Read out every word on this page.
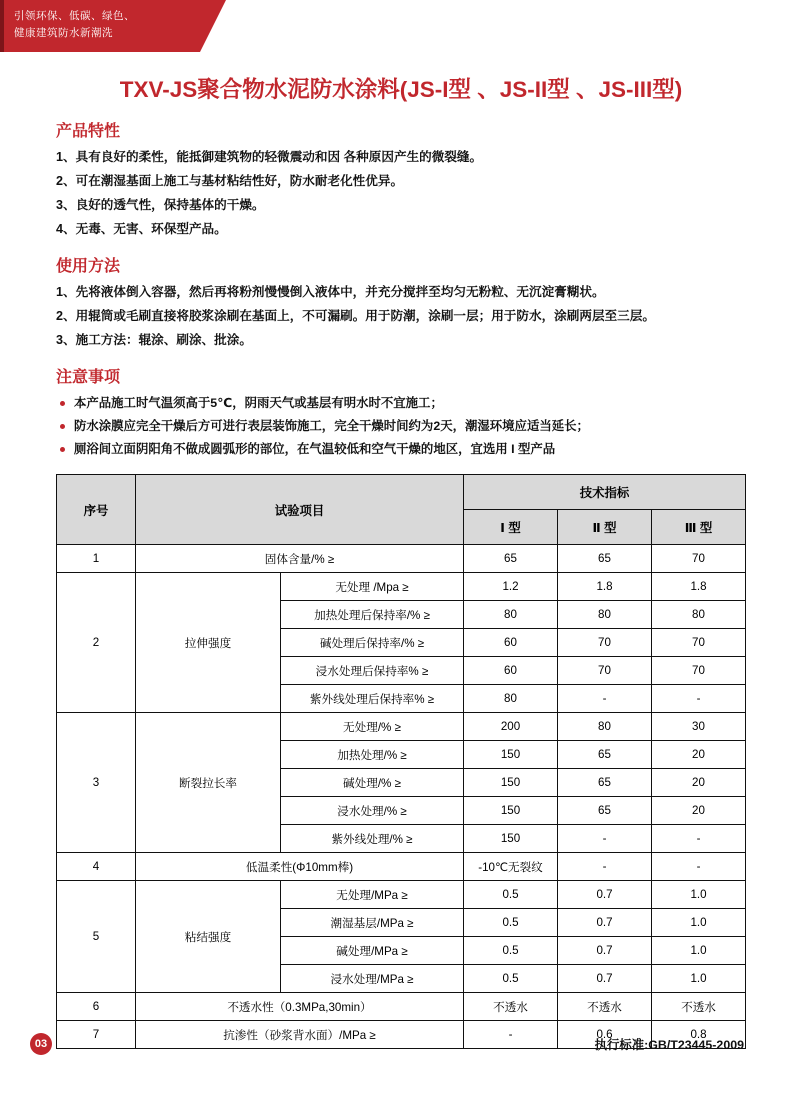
引领环保、低碳、绿色、
健康建筑防水新潮洗
TXV-JS聚合物水泥防水涂料(JS-I型 、JS-II型 、JS-III型)
产品特性

1、具有良好的柔性，能抵御建筑物的轻微震动和因 各种原因产生的微裂缝。

2、可在潮湿基面上施工与基材粘结性好，防水耐老化性优异。

3、良好的透气性，保持基体的干燥。

4、无毒、无害、环保型产品。

使用方法

1、先将液体倒入容器，然后再将粉剂慢慢倒入液体中，并充分搅拌至均匀无粉粒、无沉淀膏糊状。

2、用辊筒或毛刷直接将胶浆涂刷在基面上，不可漏刷。用于防潮，涂刷一层；用于防水，涂刷两层至三层。

3、施工方法：辊涂、刷涂、批涂。

注意事项
本产品施工时气温须高于5℃，阴雨天气或基层有明水时不宜施工；
防水涂膜应完全干燥后方可进行表层装饰施工，完全干燥时间约为2天，潮湿环境应适当延长；
厕浴间立面阴阳角不做成圆弧形的部位，在气温较低和空气干燥的地区，宜选用 I 型产品
序号	试验项目		技术指标		
			Ⅰ 型	Ⅱ 型	Ⅲ 型
1	固体含量/% ≥		65	65	70
2	拉伸强度	无处理 /Mpa ≥	1.2	1.8	1.8
		加热处理后保持率/% ≥	80	80	80
		碱处理后保持率/% ≥	60	70	70
		浸水处理后保持率% ≥	60	70	70
		紫外线处理后保持率% ≥	80	-	-
3	断裂拉长率	无处理/% ≥	200	80	30
		加热处理/% ≥	150	65	20
		碱处理/% ≥	150	65	20
		浸水处理/% ≥	150	65	20
		紫外线处理/% ≥	150	-	-
4	低温柔性(Φ10mm棒)		-10℃无裂纹	-	-
5	粘结强度	无处理/MPa ≥	0.5	0.7	1.0
		潮湿基层/MPa ≥	0.5	0.7	1.0
		碱处理/MPa ≥	0.5	0.7	1.0
		浸水处理/MPa ≥	0.5	0.7	1.0
6	不透水性（0.3MPa,30min）		不透水	不透水	不透水
7	抗渗性（砂浆背水面）/MPa ≥		-	0.6	0.8
03	执行标准:GB/T23445-2009
